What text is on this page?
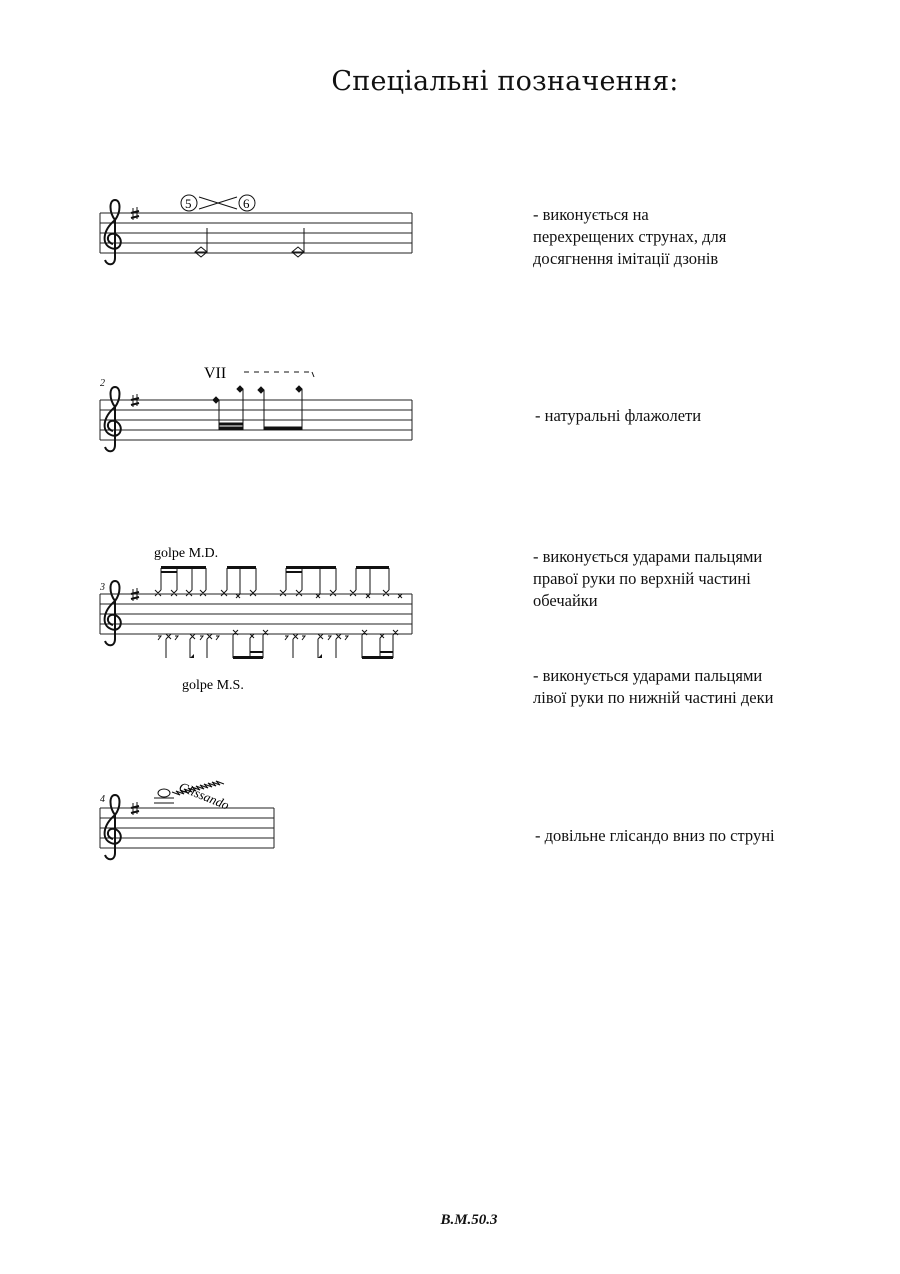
Спеціальні позначення:
5	6
VII
golpe M.D.
golpe M.S.
Glissando
2
3
4
- виконується на
перехрещених струнах, для
досягнення імітації дзонів
- натуральні флажолети
- виконується ударами пальцями
правої руки по верхній частині
обечайки
- виконується ударами пальцями
лівої руки по нижній частині деки
- довільне глісандо вниз по струні
B.M.50.3
